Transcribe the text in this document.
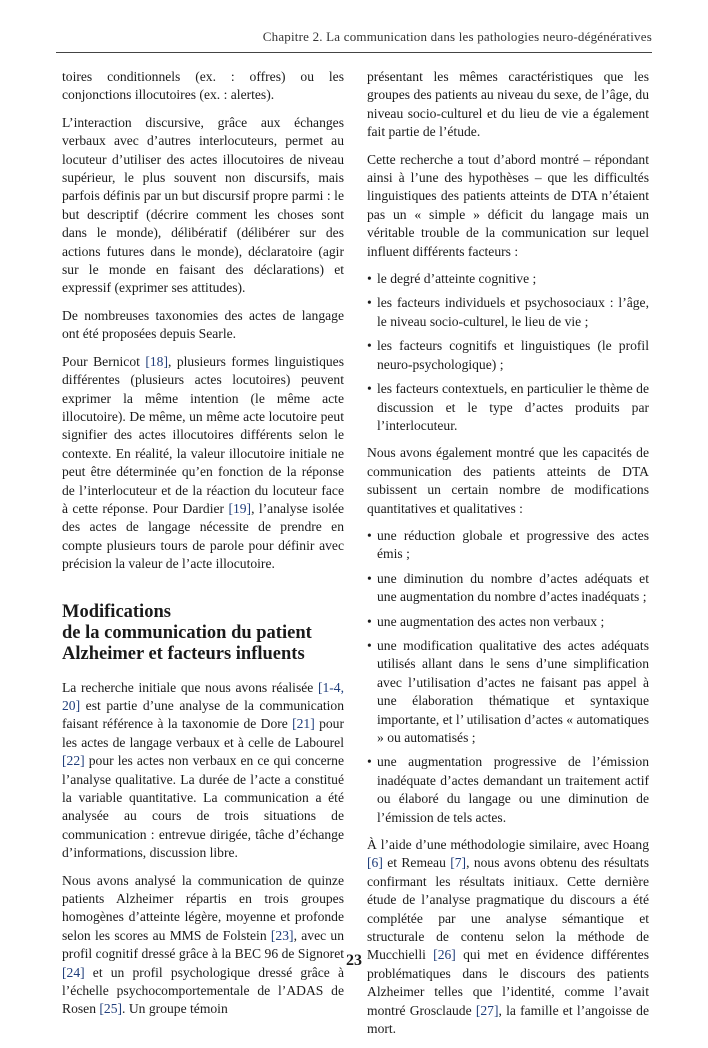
Chapitre 2. La communication dans les pathologies neuro-dégénératives

toires conditionnels (ex. : offres) ou les conjonctions illocutoires (ex. : alertes).

L’interaction discursive, grâce aux échanges verbaux avec d’autres interlocuteurs, permet au locuteur d’utiliser des actes illocutoires de niveau supérieur, le plus souvent non discursifs, mais parfois définis par un but discursif propre parmi : le but descriptif (décrire comment les choses sont dans le monde), délibératif (délibérer sur des actions futures dans le monde), déclaratoire (agir sur le monde en faisant des déclarations) et expressif (exprimer ses attitudes).

De nombreuses taxonomies des actes de langage ont été proposées depuis Searle.

Pour Bernicot [18], plusieurs formes linguistiques différentes (plusieurs actes locutoires) peuvent exprimer la même intention (le même acte illocutoire). De même, un même acte locutoire peut signifier des actes illocutoires différents selon le contexte. En réalité, la valeur illocutoire initiale ne peut être déterminée qu’en fonction de la réponse de l’interlocuteur et de la réaction du locuteur face à cette réponse. Pour Dardier [19], l’analyse isolée des actes de langage nécessite de prendre en compte plusieurs tours de parole pour définir avec précision la valeur de l’acte illocutoire.

Modifications
de la communication du patient
Alzheimer et facteurs influents

La recherche initiale que nous avons réalisée [1-4, 20] est partie d’une analyse de la communication faisant référence à la taxonomie de Dore [21] pour les actes de langage verbaux et à celle de Labourel [22] pour les actes non verbaux en ce qui concerne l’analyse qualitative. La durée de l’acte a constitué la variable quantitative. La communication a été analysée au cours de trois situations de communication : entrevue dirigée, tâche d’échange d’informations, discussion libre.

Nous avons analysé la communication de quinze patients Alzheimer répartis en trois groupes homogènes d’atteinte légère, moyenne et profonde selon les scores au MMS de Folstein [23], avec un profil cognitif dressé grâce à la BEC 96 de Signoret [24] et un profil psychologique dressé grâce à l’échelle psychocomportementale de l’ADAS de Rosen [25]. Un groupe témoin

présentant les mêmes caractéristiques que les groupes des patients au niveau du sexe, de l’âge, du niveau socio-culturel et du lieu de vie a également fait partie de l’étude.

Cette recherche a tout d’abord montré – répondant ainsi à l’une des hypothèses – que les difficultés linguistiques des patients atteints de DTA n’étaient pas un « simple » déficit du langage mais un véritable trouble de la communication sur lequel influent différents facteurs :

• le degré d’atteinte cognitive ;
• les facteurs individuels et psychosociaux : l’âge, le niveau socio-culturel, le lieu de vie ;
• les facteurs cognitifs et linguistiques (le profil neuro-psychologique) ;
• les facteurs contextuels, en particulier le thème de discussion et le type d’actes produits par l’interlocuteur.

Nous avons également montré que les capacités de communication des patients atteints de DTA subissent un certain nombre de modifications quantitatives et qualitatives :

• une réduction globale et progressive des actes émis ;
• une diminution du nombre d’actes adéquats et une augmentation du nombre d’actes inadéquats ;
• une augmentation des actes non verbaux ;
• une modification qualitative des actes adéquats utilisés allant dans le sens d’une simplification avec l’utilisation d’actes ne faisant pas appel à une élaboration thématique et syntaxique importante, et l’ utilisation d’actes « automatiques » ou automatisés ;
• une augmentation progressive de l’émission inadéquate d’actes demandant un traitement actif ou élaboré du langage ou une diminution de l’émission de tels actes.

À l’aide d’une méthodologie similaire, avec Hoang [6] et Remeau [7], nous avons obtenu des résultats confirmant les résultats initiaux. Cette dernière étude de l’analyse pragmatique du discours a été complétée par une analyse sémantique et structurale de contenu selon la méthode de Mucchielli [26] qui met en évidence différentes problématiques dans le discours des patients Alzheimer telles que l’identité, comme l’avait montré Grosclaude [27], la famille et l’angoisse de mort.

23
